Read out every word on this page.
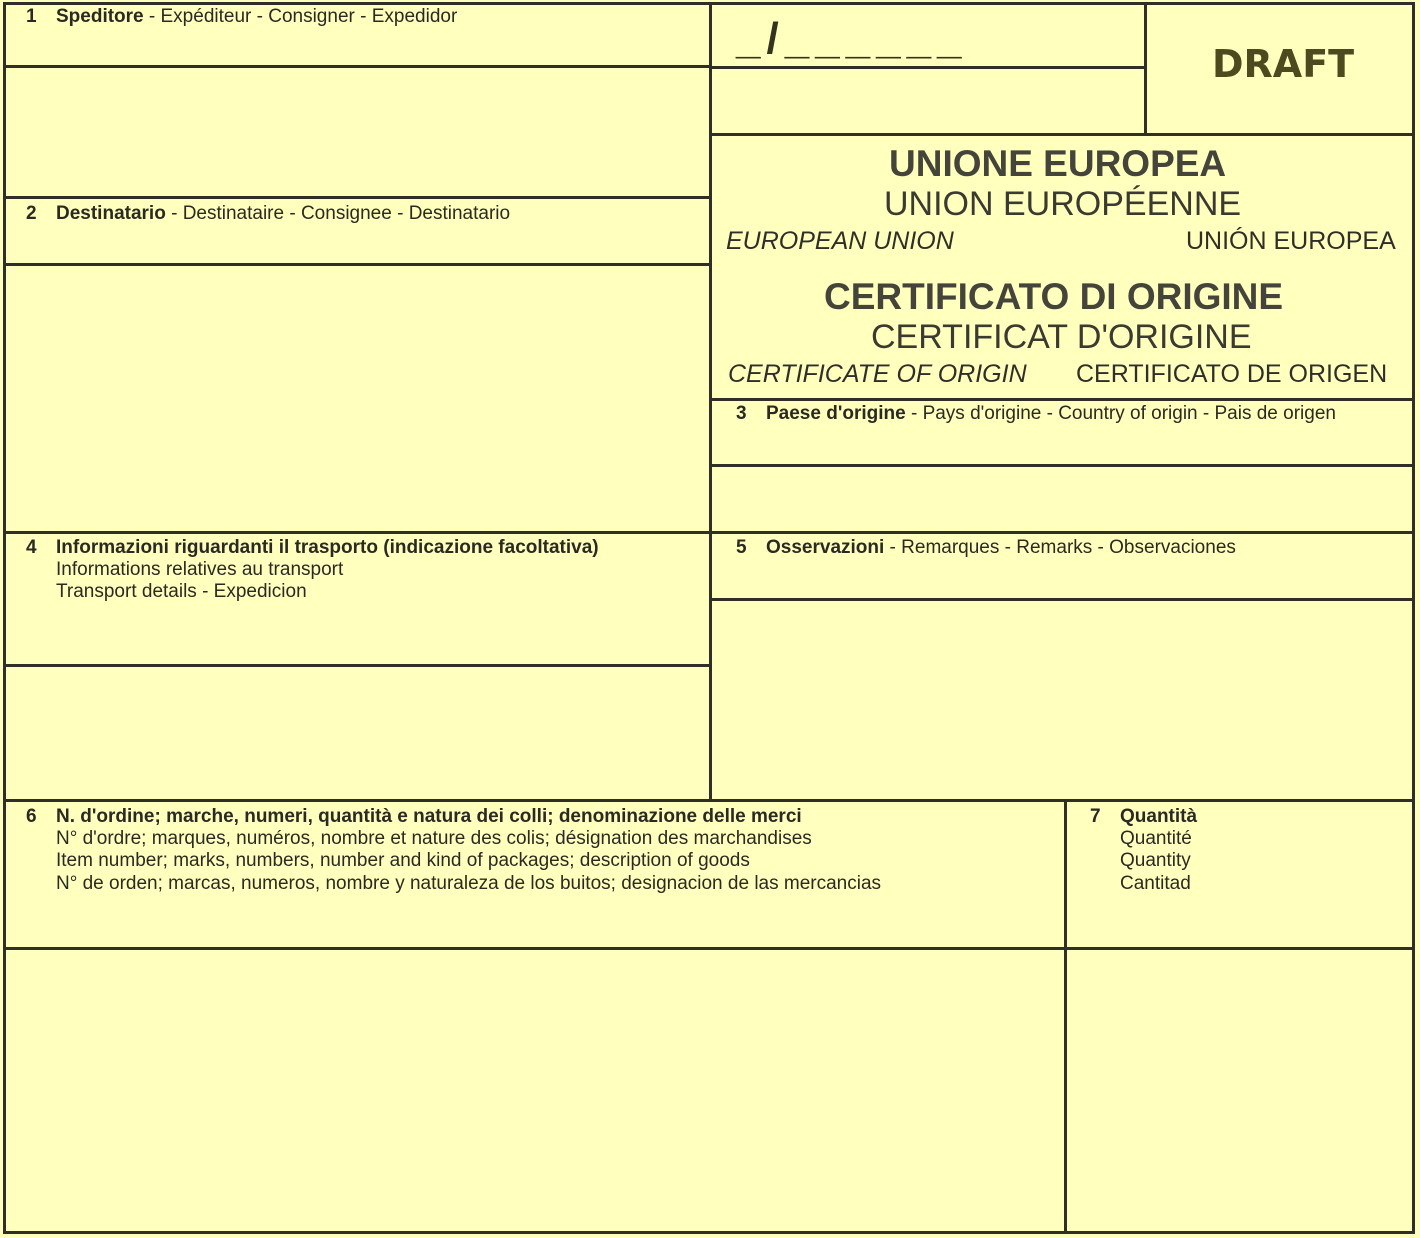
_/______
DRAFT
UNIONE EUROPEA
UNION EUROPÉENNE
EUROPEAN UNION	UNIÓN EUROPEA
CERTIFICATO DI ORIGINE
CERTIFICAT D'ORIGINE
CERTIFICATE OF ORIGIN CERTIFICATO DE ORIGEN
1 Speditore - Expéditeur - Consigner - Expedidor
2 Destinatario - Destinataire - Consignee - Destinatario
3 Paese d'origine - Pays d'origine - Country of origin - Pais de origen
4 Informazioni riguardanti il trasporto (indicazione facoltativa)
Informations relatives au transport
Transport details - Expedicion
5 Osservazioni - Remarques - Remarks - Observaciones
6 N. d'ordine; marche, numeri, quantità e natura dei colli; denominazione delle merci
N° d'ordre; marques, numéros, nombre et nature des colis; désignation des marchandises
Item number; marks, numbers, number and kind of packages; description of goods
N° de orden; marcas, numeros, nombre y naturaleza de los buitos; designacion de las mercancias
7 Quantità
Quantité
Quantity
Cantitad
